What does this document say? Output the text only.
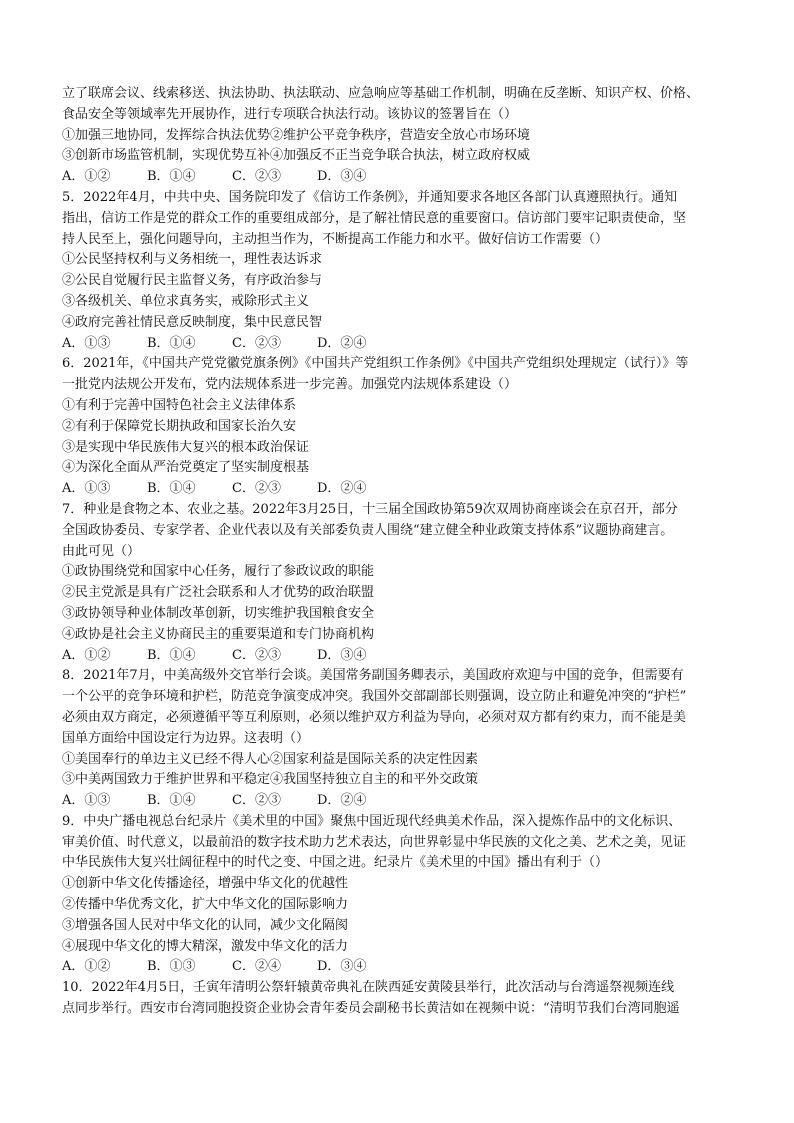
立了联席会议、线索移送、执法协助、执法联动、应急响应等基础工作机制，明确在反垄断、知识产权、价格、
食品安全等领域率先开展协作，进行专项联合执法行动。该协议的签署旨在（）
①加强三地协同，发挥综合执法优势②维护公平竞争秩序，营造安全放心市场环境
③创新市场监管机制，实现优势互补④加强反不正当竞争联合执法，树立政府权威
A．①②	B．①④	C．②③	D．③④
5．2022年4月，中共中央、国务院印发了《信访工作条例》，并通知要求各地区各部门认真遵照执行。通知
指出，信访工作是党的群众工作的重要组成部分，是了解社情民意的重要窗口。信访部门要牢记职责使命，坚
持人民至上，强化问题导向，主动担当作为，不断提高工作能力和水平。做好信访工作需要（）
①公民坚持权利与义务相统一，理性表达诉求
②公民自觉履行民主监督义务，有序政治参与
③各级机关、单位求真务实，戒除形式主义
④政府完善社情民意反映制度，集中民意民智
A．①③	B．①④	C．②③	D．②④
6．2021年，《中国共产党党徽党旗条例》《中国共产党组织工作条例》《中国共产党组织处理规定（试行）》等
一批党内法规公开发布，党内法规体系进一步完善。加强党内法规体系建设（）
①有利于完善中国特色社会主义法律体系
②有利于保障党长期执政和国家长治久安
③是实现中华民族伟大复兴的根本政治保证
④为深化全面从严治党奠定了坚实制度根基
A．①③	B．①④	C．②③	D．②④
7．种业是食物之本、农业之基。2022年3月25日，十三届全国政协第59次双周协商座谈会在京召开，部分
全国政协委员、专家学者、企业代表以及有关部委负责人围绕“建立健全种业政策支持体系”议题协商建言。
由此可见（）
①政协围绕党和国家中心任务，履行了参政议政的职能
②民主党派是具有广泛社会联系和人才优势的政治联盟
③政协领导种业体制改革创新，切实维护我国粮食安全
④政协是社会主义协商民主的重要渠道和专门协商机构
A．①②	B．①④	C．②③	D．③④
8．2021年7月，中美高级外交官举行会谈。美国常务副国务卿表示，美国政府欢迎与中国的竞争，但需要有
一个公平的竞争环境和护栏，防范竞争演变成冲突。我国外交部副部长则强调，设立防止和避免冲突的“护栏”
必须由双方商定，必须遵循平等互利原则，必须以维护双方利益为导向，必须对双方都有约束力，而不能是美
国单方面给中国设定行为边界。这表明（）
①美国奉行的单边主义已经不得人心②国家利益是国际关系的决定性因素
③中美两国致力于维护世界和平稳定④我国坚持独立自主的和平外交政策
A．①③	B．①④	C．②③	D．②④
9．中央广播电视总台纪录片《美术里的中国》聚焦中国近现代经典美术作品，深入提炼作品中的文化标识、
审美价值、时代意义，以最前沿的数字技术助力艺术表达，向世界彰显中华民族的文化之美、艺术之美，见证
中华民族伟大复兴壮阔征程中的时代之变、中国之进。纪录片《美术里的中国》播出有利于（）
①创新中华文化传播途径，增强中华文化的优越性
②传播中华优秀文化，扩大中华文化的国际影响力
③增强各国人民对中华文化的认同，减少文化隔阂
④展现中华文化的博大精深，激发中华文化的活力
A．①②	B．①③	C．②④	D．③④
10．2022年4月5日，壬寅年清明公祭轩辕黄帝典礼在陕西延安黄陵县举行，此次活动与台湾遥祭视频连线
点同步举行。西安市台湾同胞投资企业协会青年委员会副秘书长黄洁如在视频中说：“清明节我们台湾同胞遥
